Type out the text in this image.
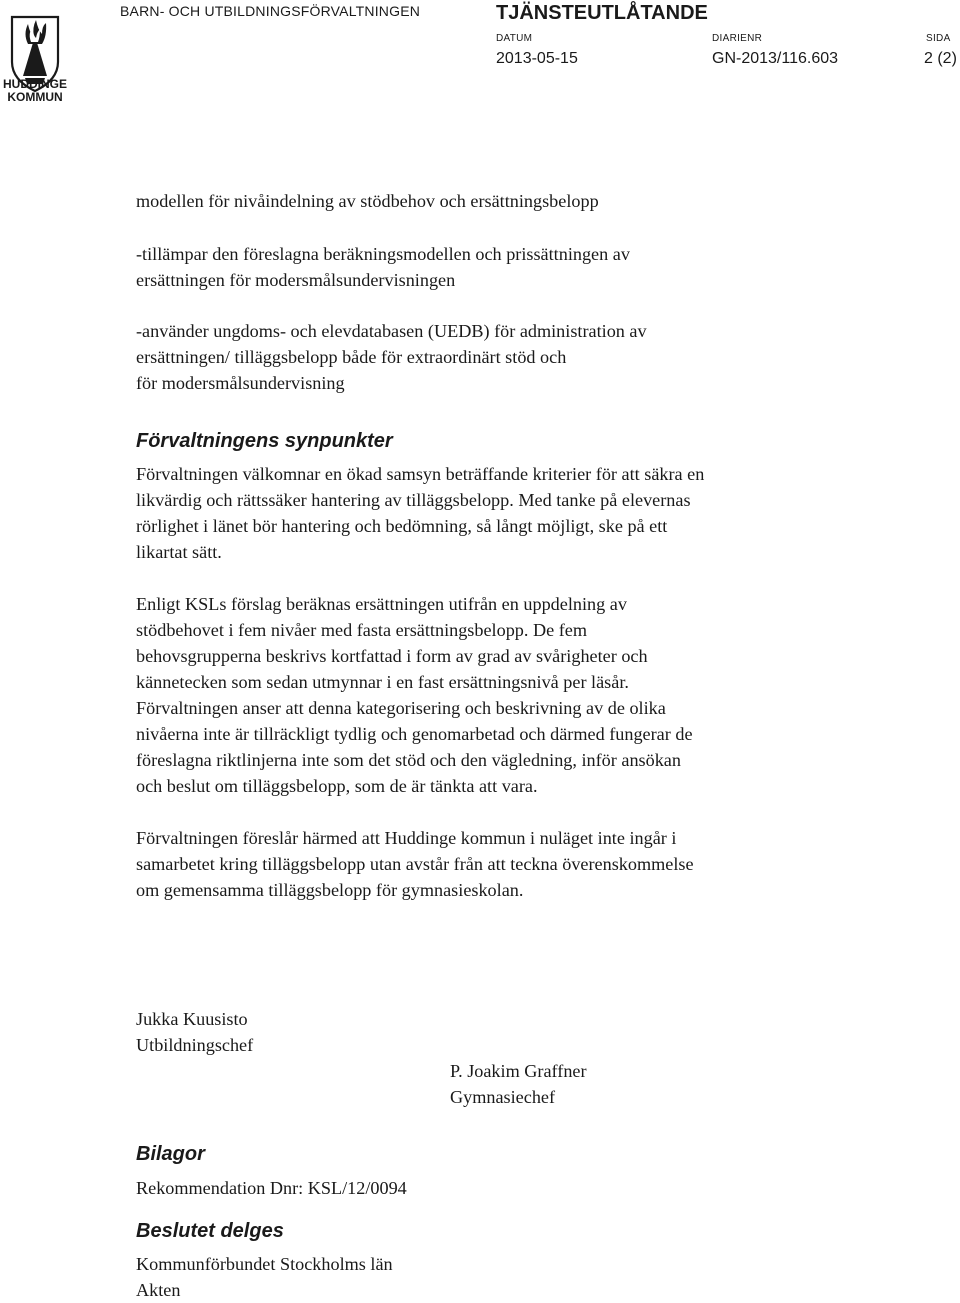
HUDDINGE KOMMUN
BARN- OCH UTBILDNINGSFÖRVALTNINGEN	TJÄNSTEUTLÅTANDE
DATUM
2013-05-15
DIARIENR
GN-2013/116.603
SIDA
2 (2)
modellen för nivåindelning av stödbehov och ersättningsbelopp
-tillämpar den föreslagna beräkningsmodellen och prissättningen av
ersättningen för modersmålsundervisningen
-använder ungdoms- och elevdatabasen (UEDB) för administration av
ersättningen/ tilläggsbelopp både för extraordinärt stöd och
för modersmålsundervisning
Förvaltningens synpunkter
Förvaltningen välkomnar en ökad samsyn beträffande kriterier för att säkra en
likvärdig och rättssäker hantering av tilläggsbelopp. Med tanke på elevernas
rörlighet i länet bör hantering och bedömning, så långt möjligt, ske på ett
likartat sätt.
Enligt KSLs förslag beräknas ersättningen utifrån en uppdelning av
stödbehovet i fem nivåer med fasta ersättningsbelopp. De fem
behovsgrupperna beskrivs kortfattad i form av grad av svårigheter och
kännetecken som sedan utmynnar i en fast ersättningsnivå per läsår.
Förvaltningen anser att denna kategorisering och beskrivning av de olika
nivåerna inte är tillräckligt tydlig och genomarbetad och därmed fungerar de
föreslagna riktlinjerna inte som det stöd och den vägledning, inför ansökan
och beslut om tilläggsbelopp, som de är tänkta att vara.
Förvaltningen föreslår härmed att Huddinge kommun i nuläget inte ingår i
samarbetet kring tilläggsbelopp utan avstår från att teckna överenskommelse
om gemensamma tilläggsbelopp för gymnasieskolan.
Jukka Kuusisto
Utbildningschef
P. Joakim Graffner
Gymnasiechef
Bilagor
Rekommendation Dnr: KSL/12/0094
Beslutet delges
Kommunförbundet Stockholms län
Akten
